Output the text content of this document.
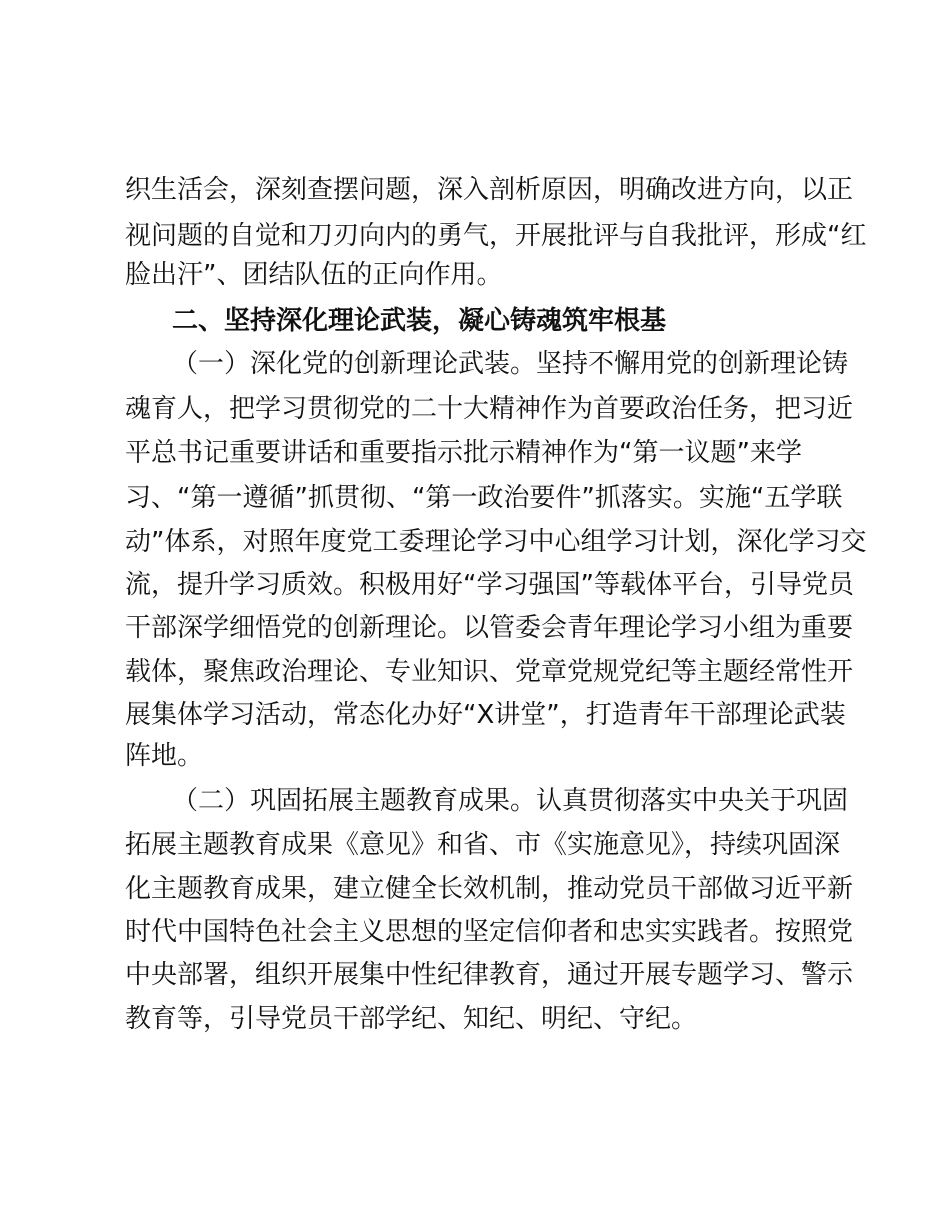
织生活会，深刻查摆问题，深入剖析原因，明确改进方向，以正
视问题的自觉和刀刃向内的勇气，开展批评与自我批评，形成“红
脸出汗”、团结队伍的正向作用。
二、坚持深化理论武装，凝心铸魂筑牢根基
（一）深化党的创新理论武装。坚持不懈用党的创新理论铸
魂育人，把学习贯彻党的二十大精神作为首要政治任务，把习近
平总书记重要讲话和重要指示批示精神作为“第一议题”来学
习、“第一遵循”抓贯彻、“第一政治要件”抓落实。实施“五学联
动”体系，对照年度党工委理论学习中心组学习计划，深化学习交
流，提升学习质效。积极用好“学习强国”等载体平台，引导党员
干部深学细悟党的创新理论。以管委会青年理论学习小组为重要
载体，聚焦政治理论、专业知识、党章党规党纪等主题经常性开
展集体学习活动，常态化办好“X讲堂”，打造青年干部理论武装
阵地。
（二）巩固拓展主题教育成果。认真贯彻落实中央关于巩固
拓展主题教育成果《意见》和省、市《实施意见》，持续巩固深
化主题教育成果，建立健全长效机制，推动党员干部做习近平新
时代中国特色社会主义思想的坚定信仰者和忠实实践者。按照党
中央部署，组织开展集中性纪律教育，通过开展专题学习、警示
教育等，引导党员干部学纪、知纪、明纪、守纪。
